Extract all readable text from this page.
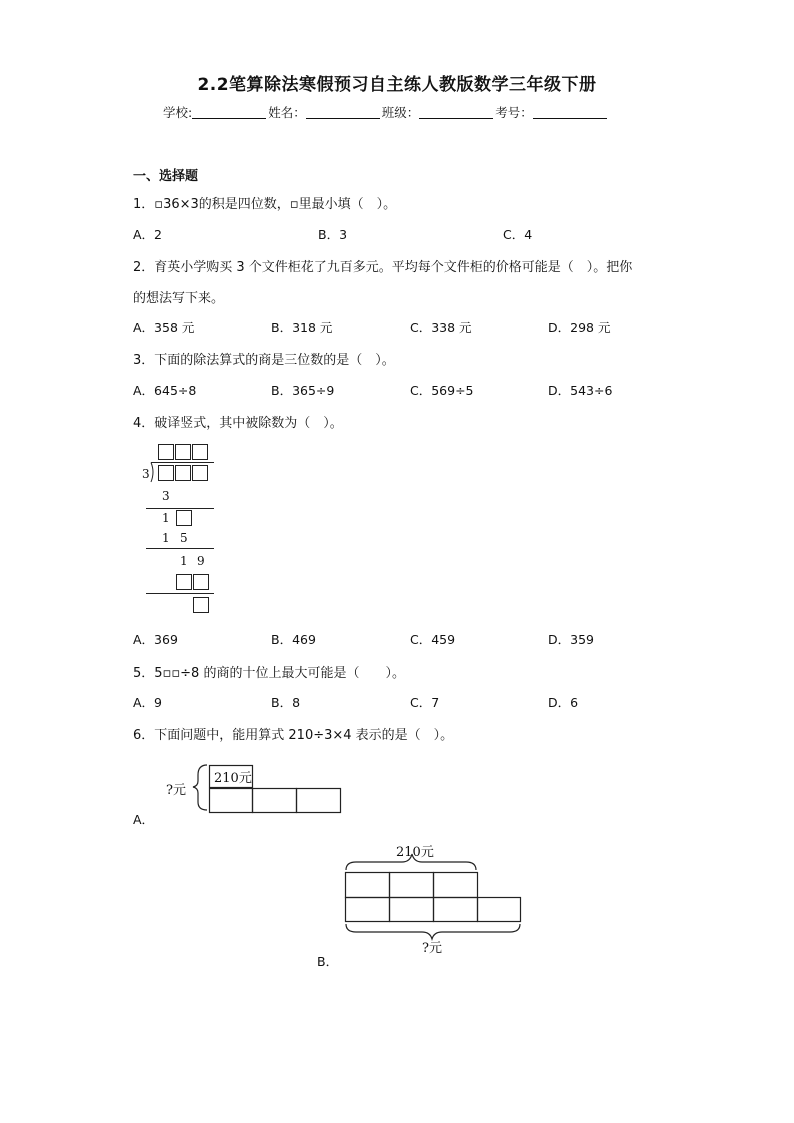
2.2笔算除法寒假预习自主练人教版数学三年级下册
学校:	姓名：	班级：	考号：
一、选择题
1．▫36×3的积是四位数，▫里最小填（　）。
A．2	B．3	C．4
2．育英小学购买 3 个文件柜花了九百多元。平均每个文件柜的价格可能是（　）。把你
的想法写下来。
A．358 元	B．318 元	C．338 元	D．298 元
3．下面的除法算式的商是三位数的是（　）。
A．645÷8	B．365÷9	C．569÷5	D．543÷6
4．破译竖式，其中被除数为（　）。
3
3
1
1 5
1 9
A．369	B．469	C．459	D．359
5．5▫▫÷8 的商的十位上最大可能是（　　）。
A．9	B．8	C．7	D．6
6．下面问题中，能用算式 210÷3×4 表示的是（　）。
210元
?元
A．
210元
?元
B．
